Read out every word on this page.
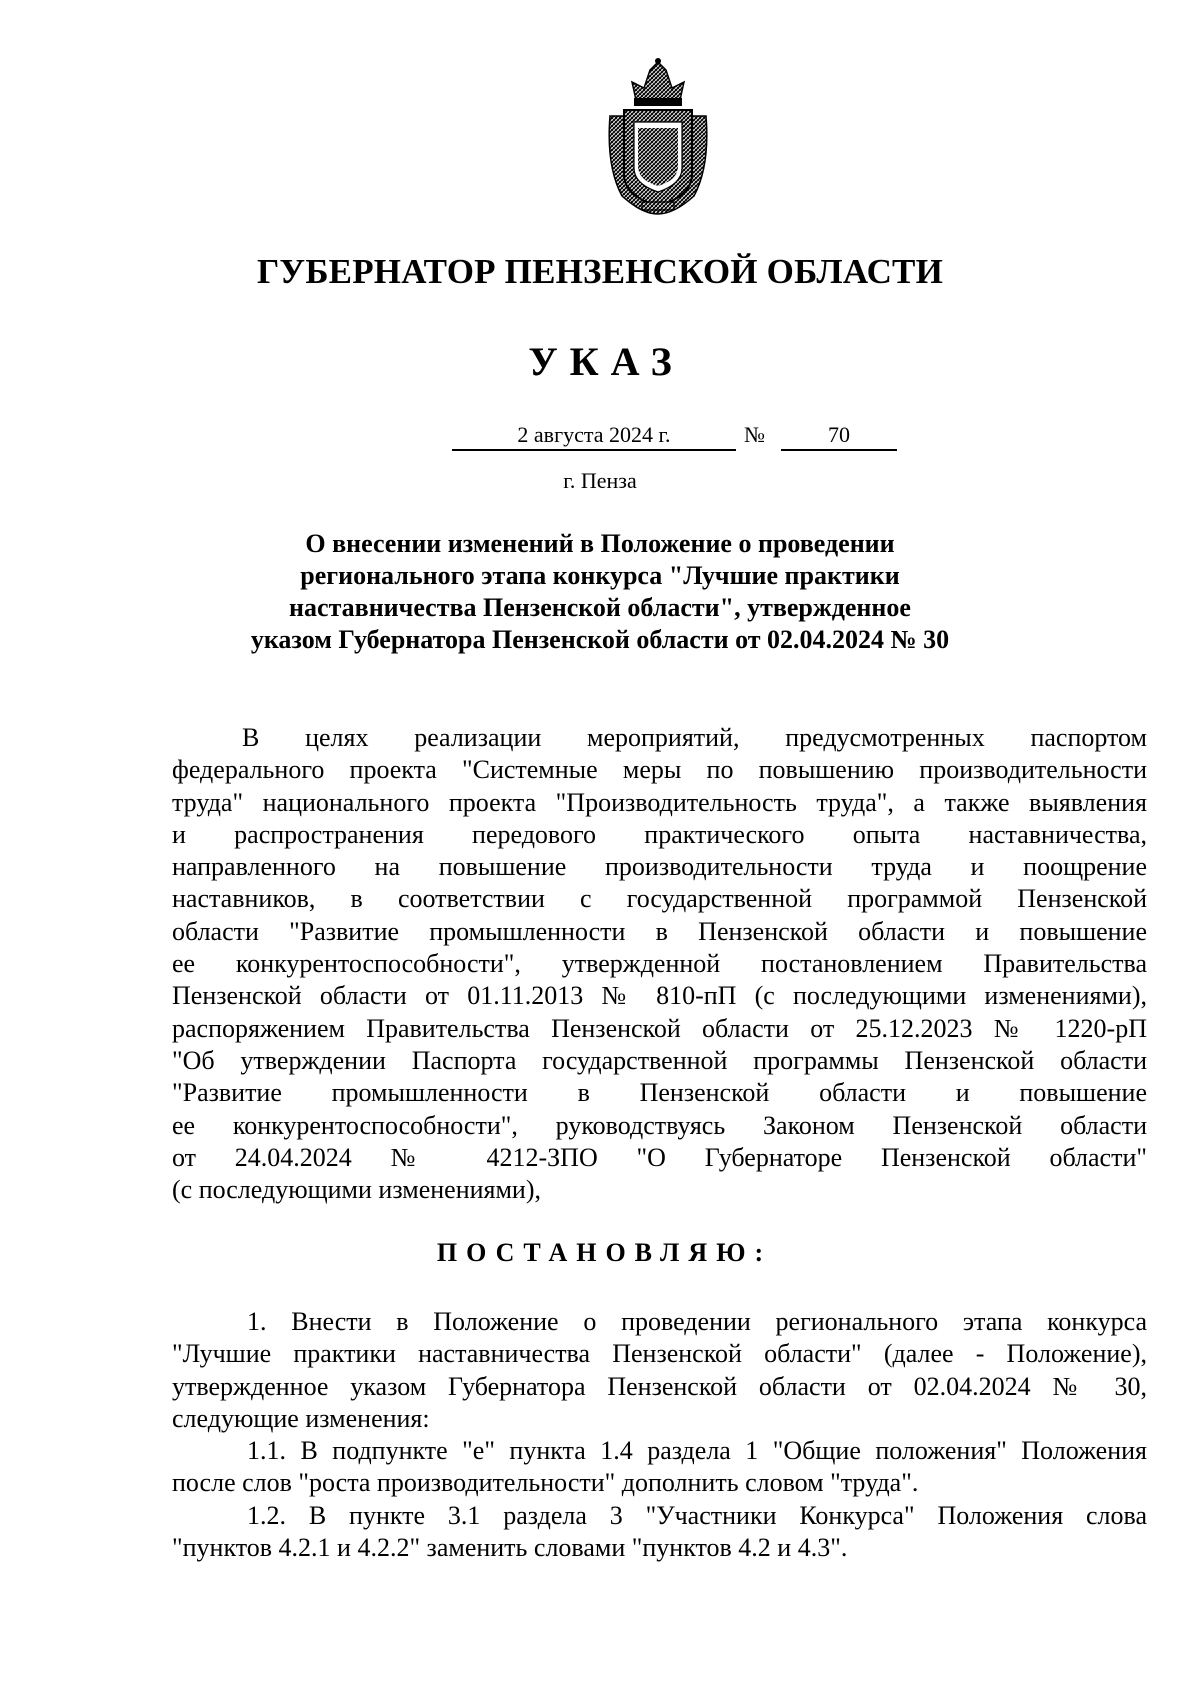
ГУБЕРНАТОР ПЕНЗЕНСКОЙ ОБЛАСТИ
УКАЗ
2 августа 2024 г.	№	70
г. Пенза
О внесении изменений в Положение о проведении
регионального этапа конкурса "Лучшие практики
наставничества Пензенской области", утвержденное
указом Губернатора Пензенской области от 02.04.2024 № 30
В целях реализации мероприятий, предусмотренных паспортом
федерального проекта "Системные меры по повышению производительности
труда" национального проекта "Производительность труда", а также выявления
и распространения передового практического опыта наставничества,
направленного на повышение производительности труда и поощрение
наставников, в соответствии с государственной программой Пензенской
области "Развитие промышленности в Пензенской области и повышение
ее конкурентоспособности", утвержденной постановлением Правительства
Пензенской области от 01.11.2013 № 810-пП (с последующими изменениями),
распоряжением Правительства Пензенской области от 25.12.2023 № 1220-рП
"Об утверждении Паспорта государственной программы Пензенской области
"Развитие промышленности в Пензенской области и повышение
ее конкурентоспособности", руководствуясь Законом Пензенской области
от 24.04.2024 № 4212-ЗПО "О Губернаторе Пензенской области"
(с последующими изменениями),
ПОСТАНОВЛЯЮ:
1. Внести в Положение о проведении регионального этапа конкурса
"Лучшие практики наставничества Пензенской области" (далее - Положение),
утвержденное указом Губернатора Пензенской области от 02.04.2024 № 30,
следующие изменения:
1.1. В подпункте "е" пункта 1.4 раздела 1 "Общие положения" Положения
после слов "роста производительности" дополнить словом "труда".
1.2. В пункте 3.1 раздела 3 "Участники Конкурса" Положения слова
"пунктов 4.2.1 и 4.2.2" заменить словами "пунктов 4.2 и 4.3".
